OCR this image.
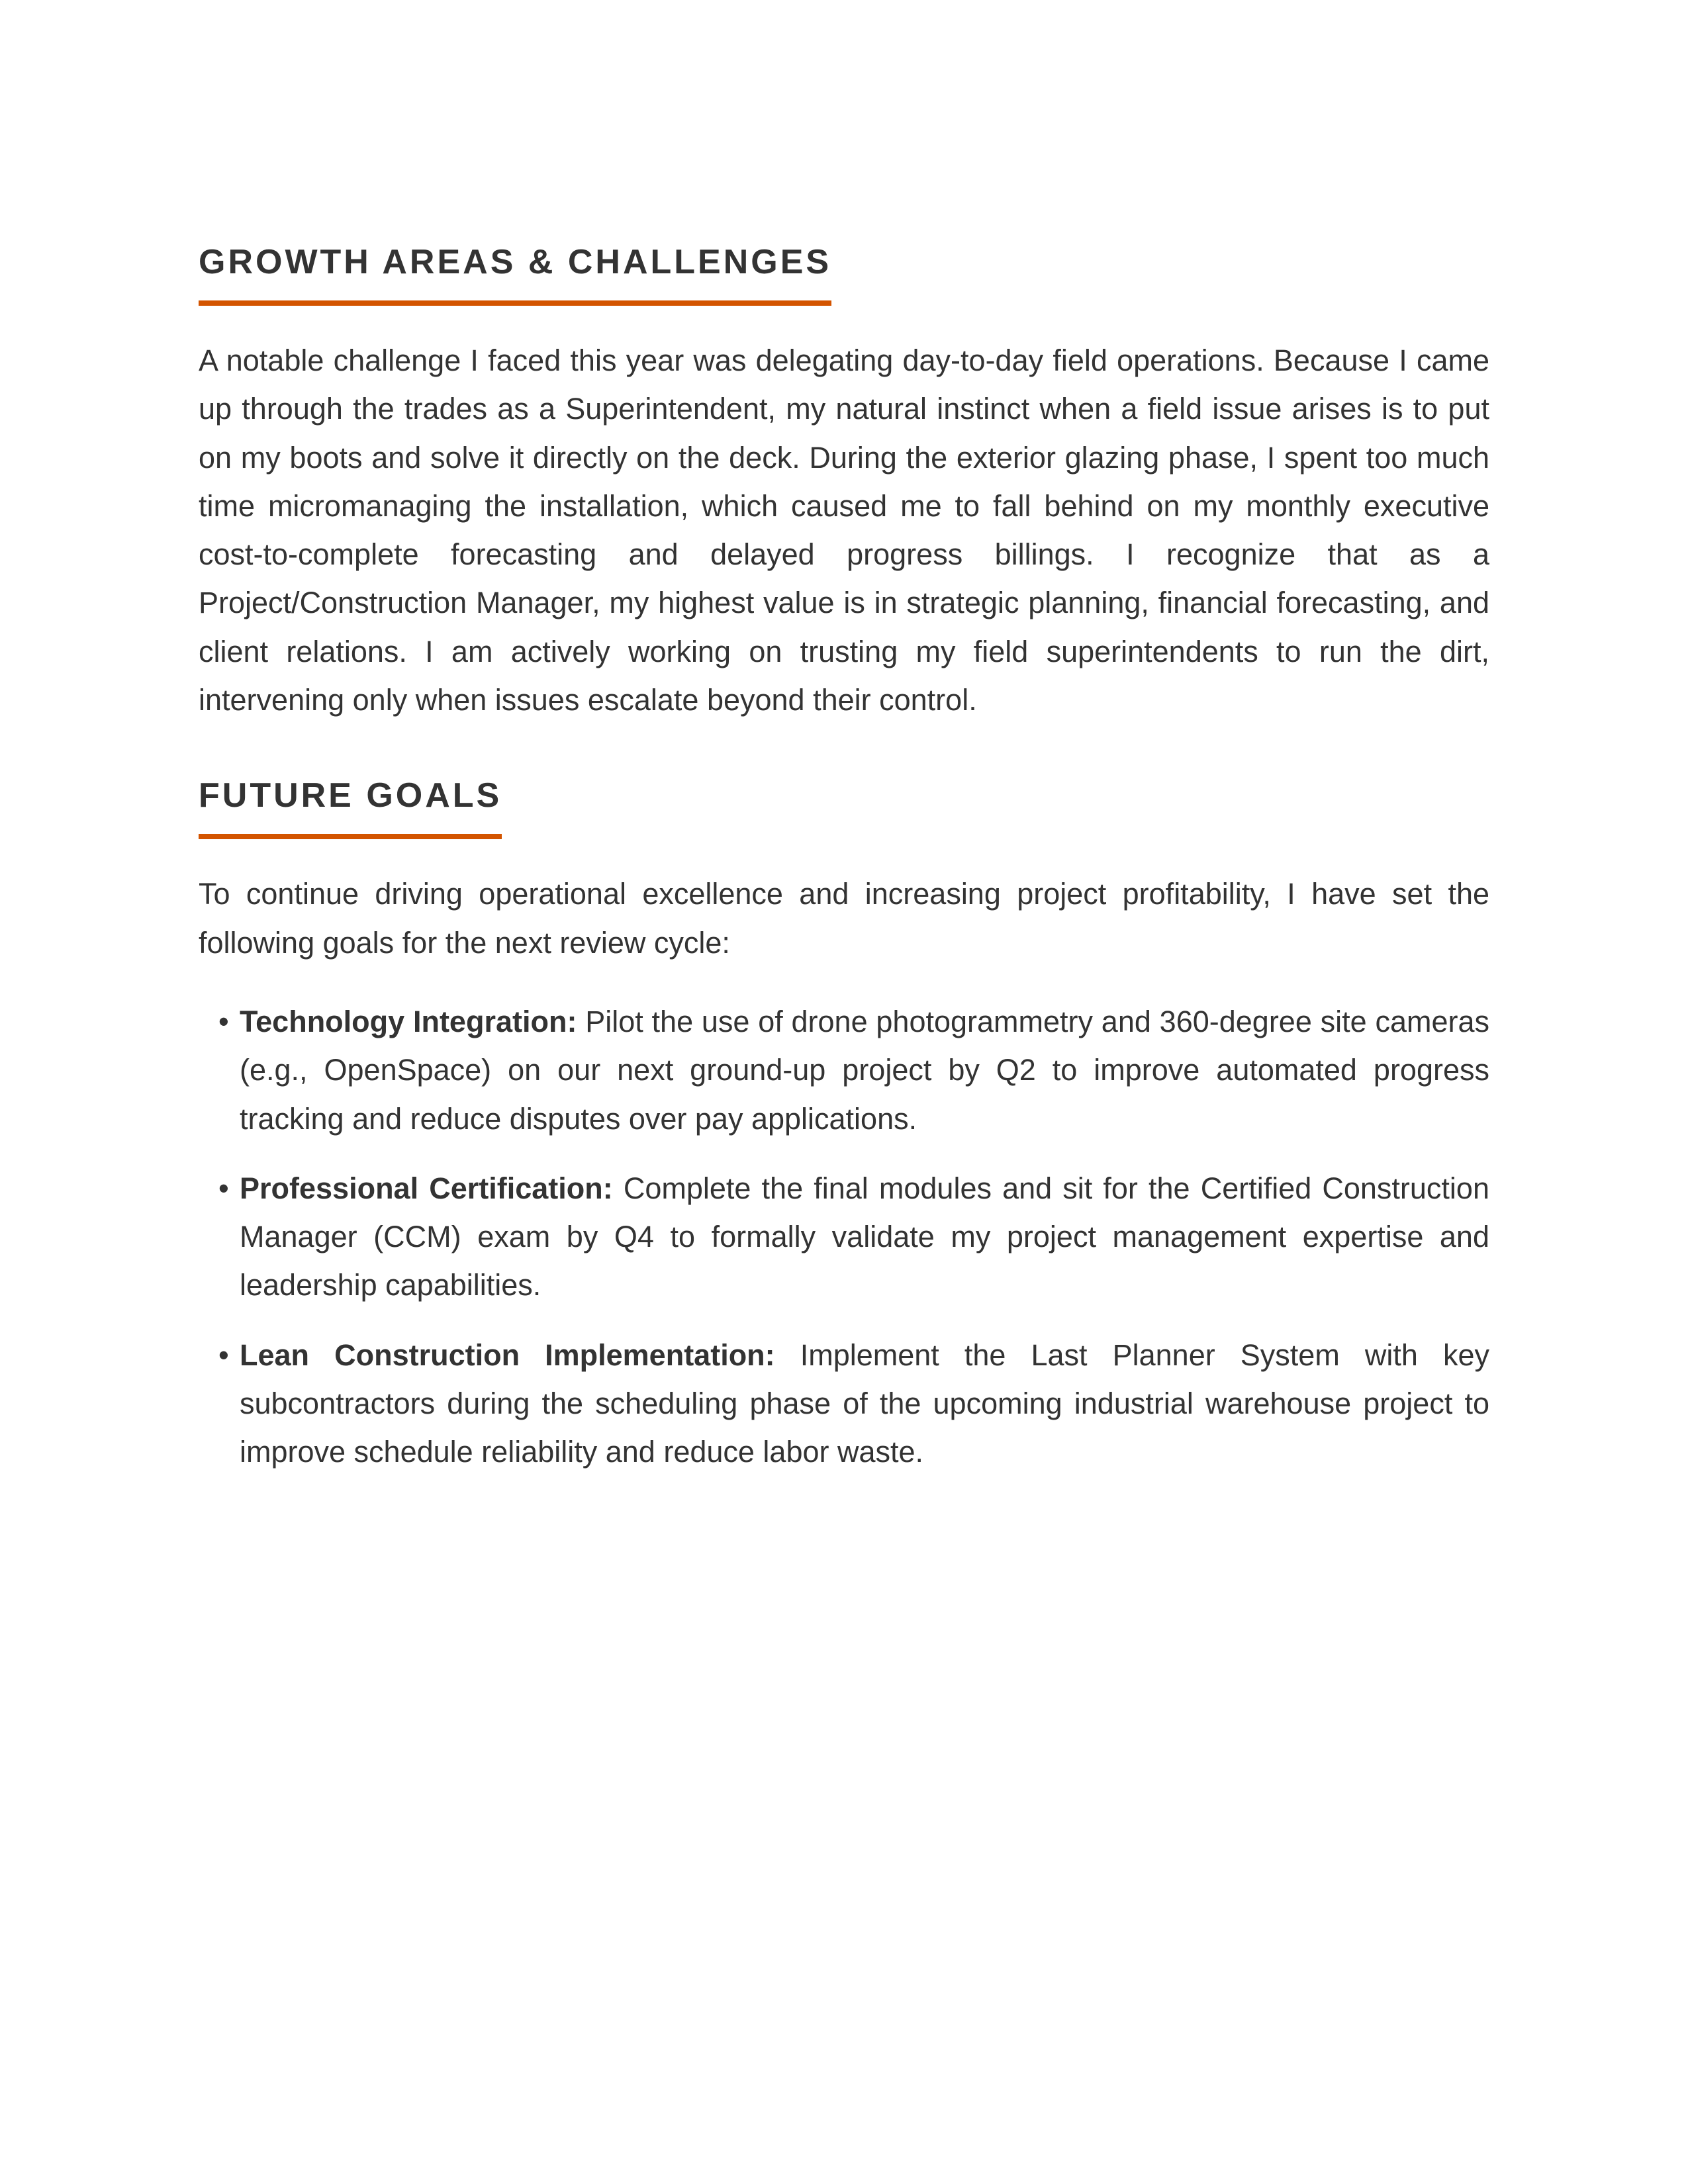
GROWTH AREAS & CHALLENGES

A notable challenge I faced this year was delegating day-to-day field operations. Because I came up through the trades as a Superintendent, my natural instinct when a field issue arises is to put on my boots and solve it directly on the deck. During the exterior glazing phase, I spent too much time micromanaging the installation, which caused me to fall behind on my monthly executive cost-to-complete forecasting and delayed progress billings. I recognize that as a Project/Construction Manager, my highest value is in strategic planning, financial forecasting, and client relations. I am actively working on trusting my field superintendents to run the dirt, intervening only when issues escalate beyond their control.

FUTURE GOALS

To continue driving operational excellence and increasing project profitability, I have set the following goals for the next review cycle:

• Technology Integration: Pilot the use of drone photogrammetry and 360-degree site cameras (e.g., OpenSpace) on our next ground-up project by Q2 to improve automated progress tracking and reduce disputes over pay applications.
• Professional Certification: Complete the final modules and sit for the Certified Construction Manager (CCM) exam by Q4 to formally validate my project management expertise and leadership capabilities.
• Lean Construction Implementation: Implement the Last Planner System with key subcontractors during the scheduling phase of the upcoming industrial warehouse project to improve schedule reliability and reduce labor waste.
